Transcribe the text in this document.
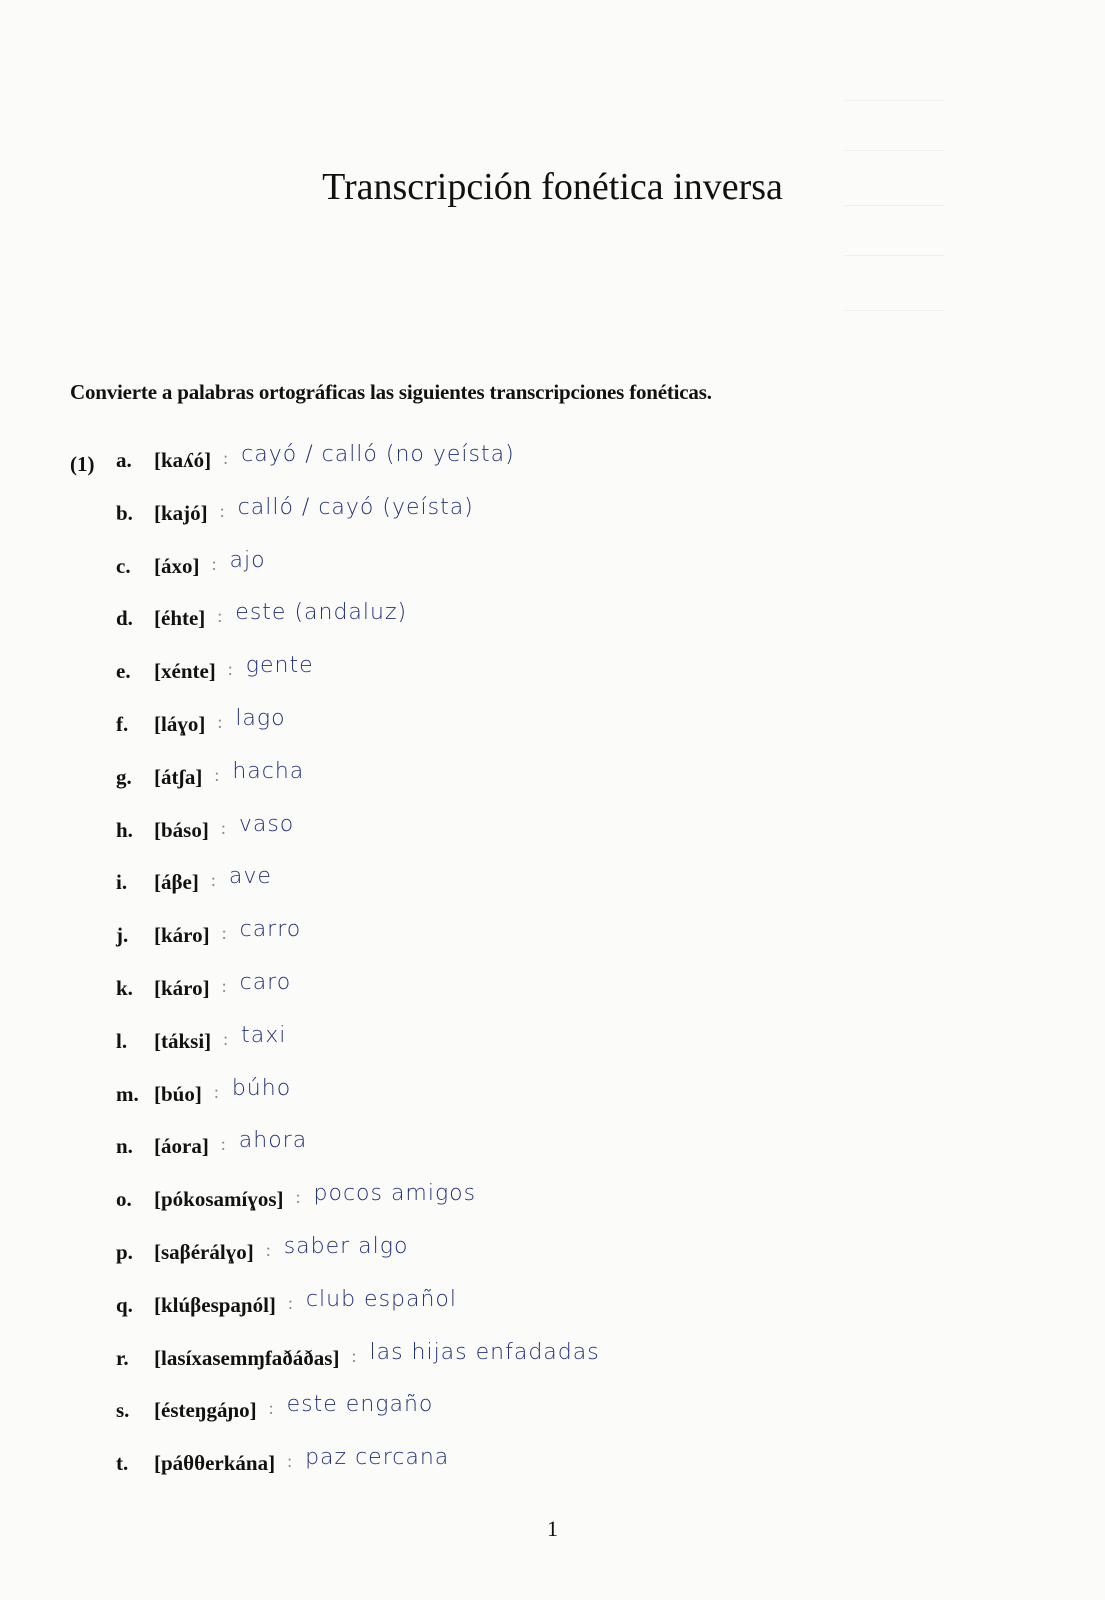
Transcripción fonética inversa
Convierte a palabras ortográficas las siguientes transcripciones fonéticas.
(1) a.	[kaʎó] : cayó / calló (no yeísta)
b.	[kajó] : calló / cayó (yeísta)
c.	[áxo] : ajo
d.	[éhte] : este (andaluz)
e.	[xénte] : gente
f.	[láɣo] : lago
g.	[átʃa] : hacha
h.	[báso] : vaso
i.	[áβe] : ave
j.	[káro] : carro
k.	[káro] : caro
l.	[táksi] : taxi
m. [búo] : búho
n.	[áora] : ahora
o.	[pókosamíɣos] : pocos amigos
p.	[saβérálɣo] : saber algo
q.	[klúβespaɲól] : club español
r.	[lasíxasemɱfaðáðas] : las hijas enfadadas
s.	[ésteŋgáɲo] : este engaño
t.	[páθθerkána] : paz cercana
1
